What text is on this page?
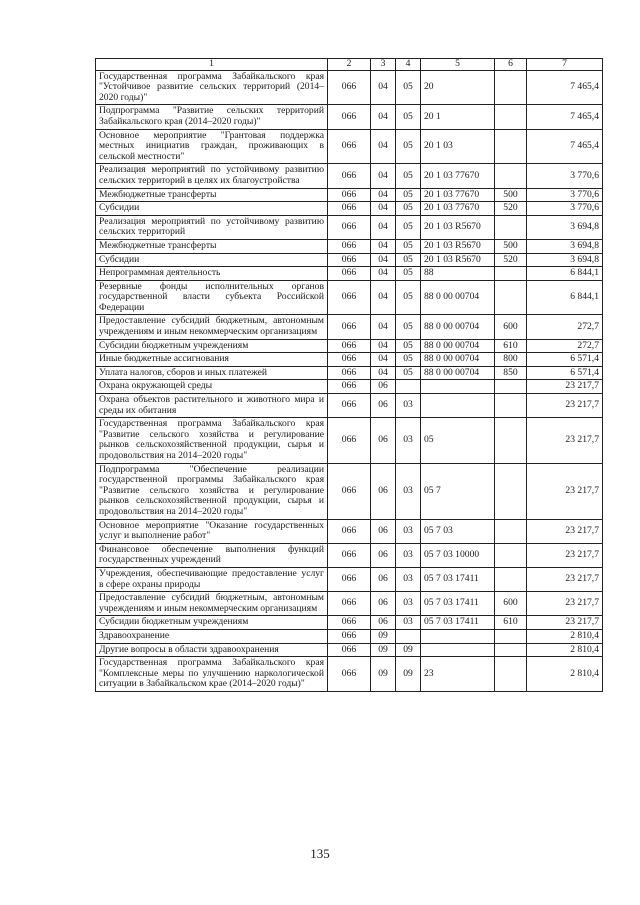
1	2	3	4	5	6	7
Государственная программа Забайкальского края "Устойчивое развитие сельских территорий (2014–2020 годы)"	066	04	05	20		7 465,4
Подпрограмма "Развитие сельских территорий Забайкальского края (2014–2020 годы)"	066	04	05	20 1		7 465,4
Основное мероприятие "Грантовая поддержка местных инициатив граждан, проживающих в сельской местности"	066	04	05	20 1 03		7 465,4
Реализация мероприятий по устойчивому развитию сельских территорий в целях их благоустройства	066	04	05	20 1 03 77670		3 770,6
Межбюджетные трансферты	066	04	05	20 1 03 77670	500	3 770,6
Субсидии	066	04	05	20 1 03 77670	520	3 770,6
Реализация мероприятий по устойчивому развитию сельских территорий	066	04	05	20 1 03 R5670		3 694,8
Межбюджетные трансферты	066	04	05	20 1 03 R5670	500	3 694,8
Субсидии	066	04	05	20 1 03 R5670	520	3 694,8
Непрограммная деятельность	066	04	05	88		6 844,1
Резервные фонды исполнительных органов государственной власти субъекта Российской Федерации	066	04	05	88 0 00 00704		6 844,1
Предоставление субсидий бюджетным, автономным учреждениям и иным некоммерческим организациям	066	04	05	88 0 00 00704	600	272,7
Субсидии бюджетным учреждениям	066	04	05	88 0 00 00704	610	272,7
Иные бюджетные ассигнования	066	04	05	88 0 00 00704	800	6 571,4
Уплата налогов, сборов и иных платежей	066	04	05	88 0 00 00704	850	6 571,4
Охрана окружающей среды	066	06				23 217,7
Охрана объектов растительного и животного мира и среды их обитания	066	06	03			23 217,7
Государственная программа Забайкальского края "Развитие сельского хозяйства и регулирование рынков сельскохозяйственной продукции, сырья и продовольствия на 2014–2020 годы"	066	06	03	05		23 217,7
Подпрограмма "Обеспечение реализации государственной программы Забайкальского края "Развитие сельского хозяйства и регулирование рынков сельскохозяйственной продукции, сырья и продовольствия на 2014–2020 годы"	066	06	03	05 7		23 217,7
Основное мероприятие "Оказание государственных услуг и выполнение работ"	066	06	03	05 7 03		23 217,7
Финансовое обеспечение выполнения функций государственных учреждений	066	06	03	05 7 03 10000		23 217,7
Учреждения, обеспечивающие предоставление услуг в сфере охраны природы	066	06	03	05 7 03 17411		23 217,7
Предоставление субсидий бюджетным, автономным учреждениям и иным некоммерческим организациям	066	06	03	05 7 03 17411	600	23 217,7
Субсидии бюджетным учреждениям	066	06	03	05 7 03 17411	610	23 217,7
Здравоохранение	066	09				2 810,4
Другие вопросы в области здравоохранения	066	09	09			2 810,4
Государственная программа Забайкальского края "Комплексные меры по улучшению наркологической ситуации в Забайкальском крае (2014–2020 годы)"	066	09	09	23		2 810,4
135
